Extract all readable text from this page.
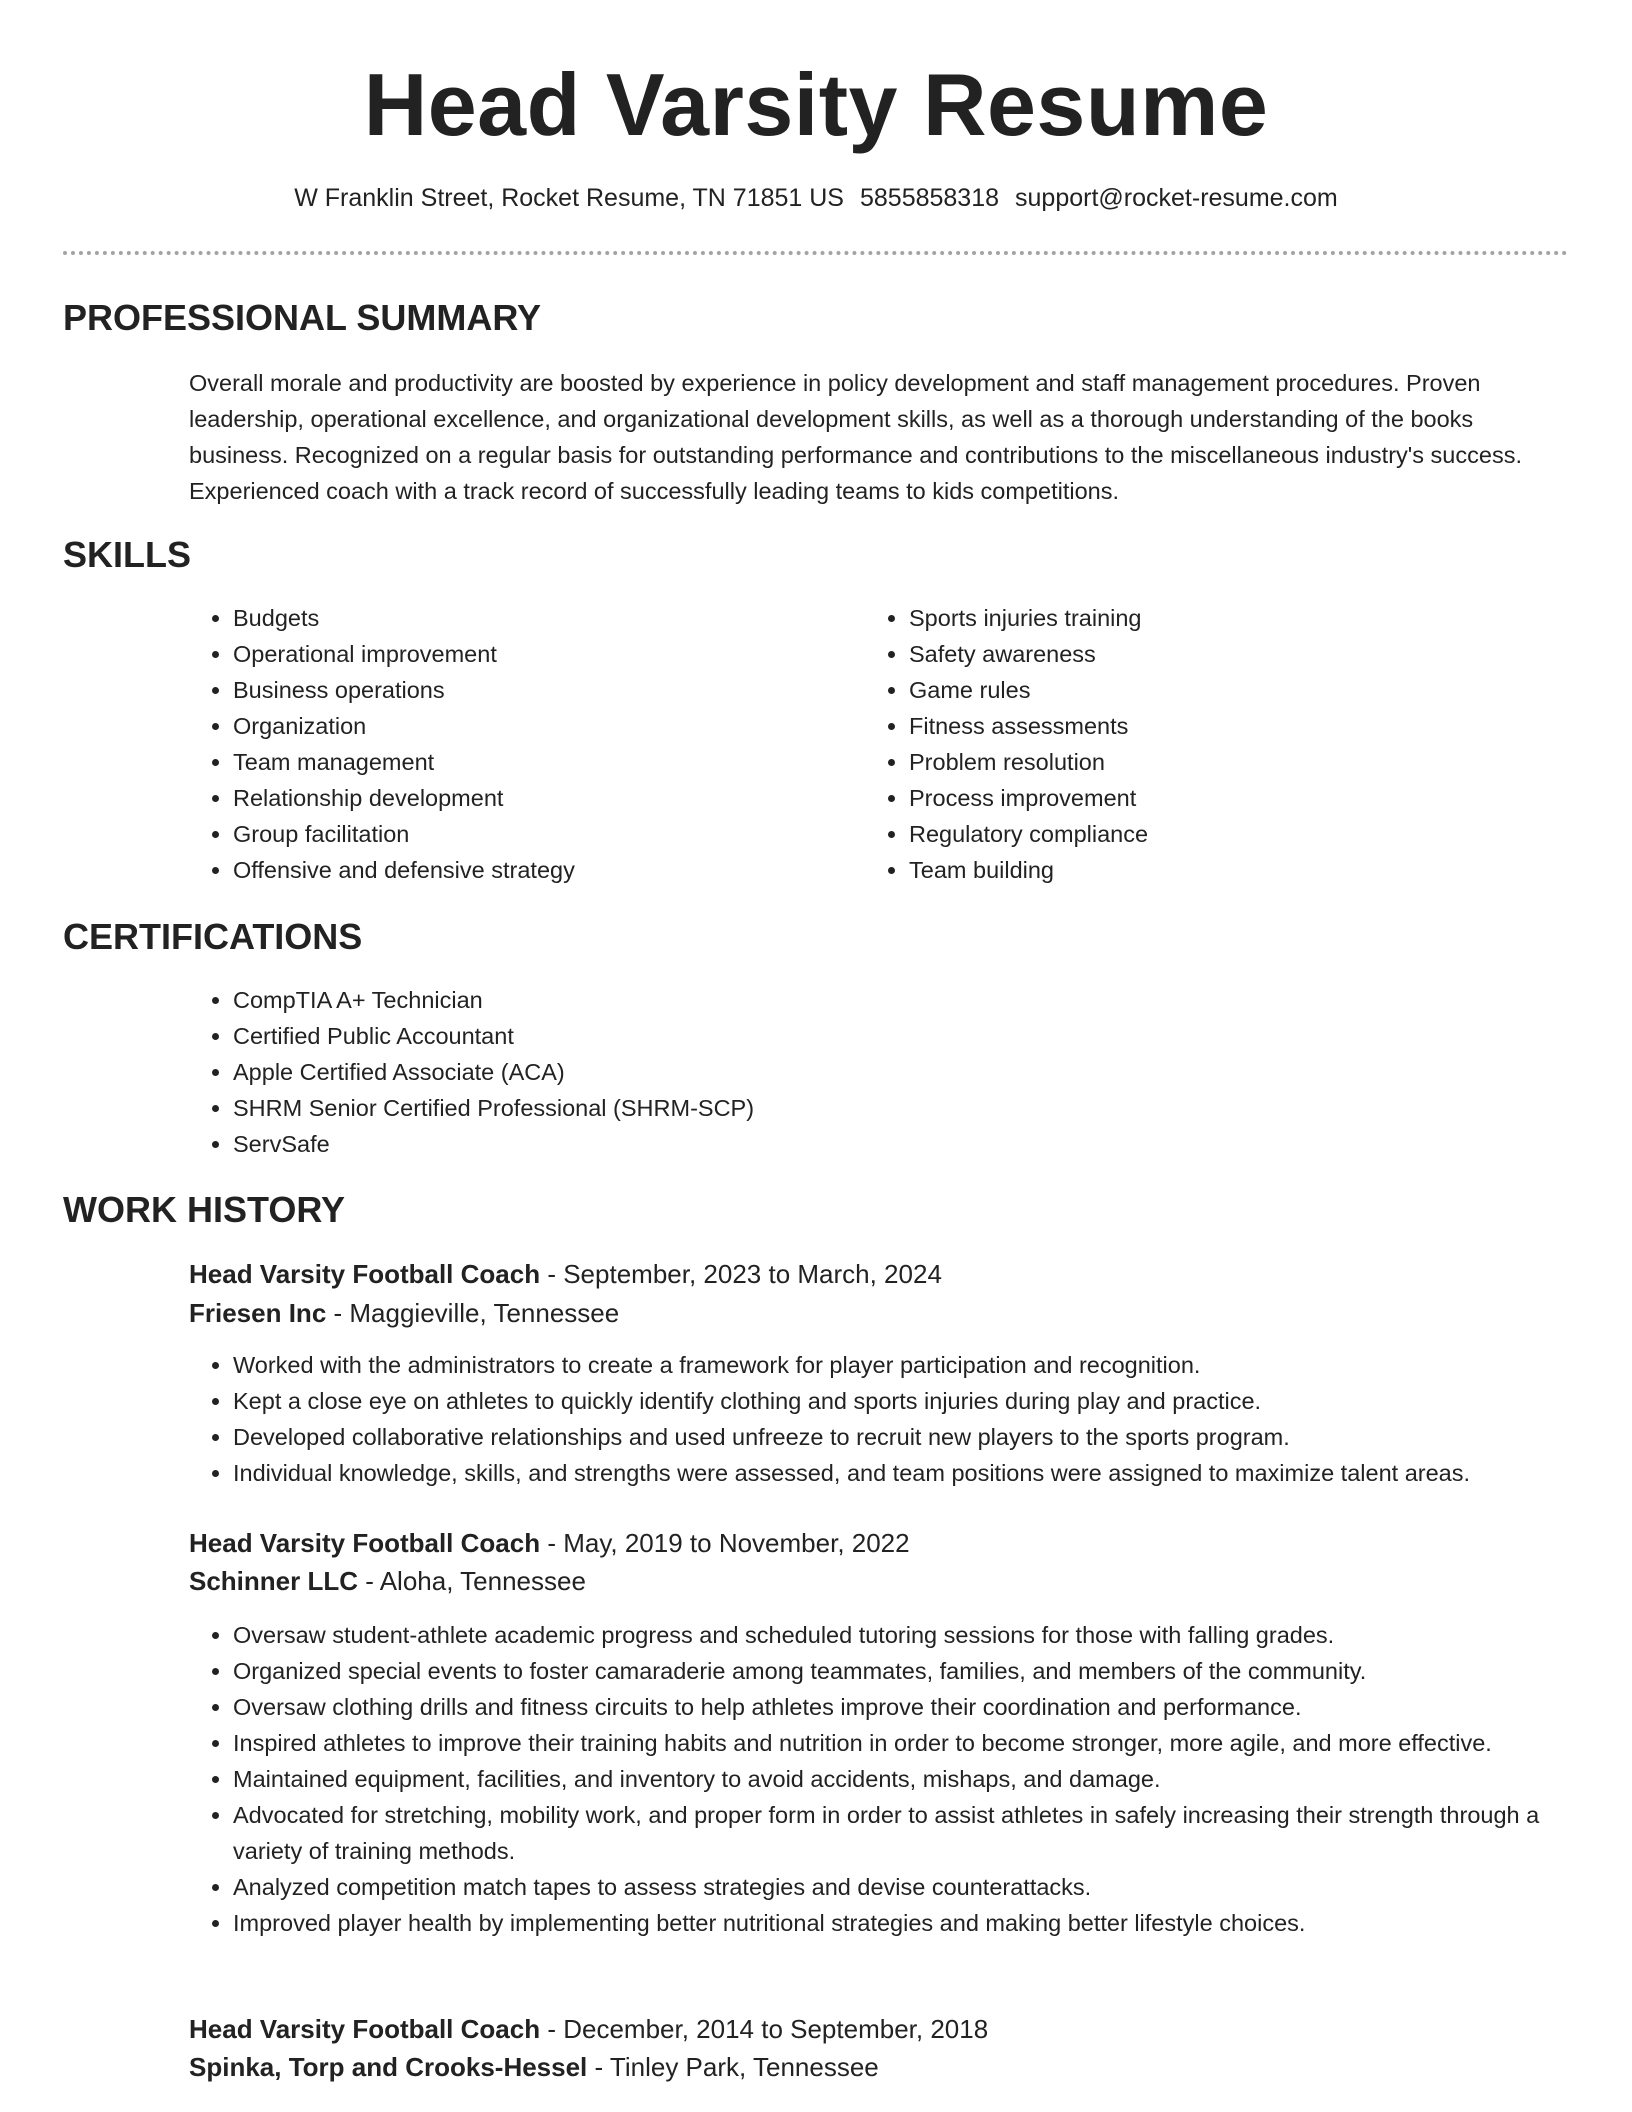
Head Varsity Resume
W Franklin Street, Rocket Resume, TN 71851 US 5855858318 support@rocket-resume.com
PROFESSIONAL SUMMARY

Overall morale and productivity are boosted by experience in policy development and staff management procedures. Proven leadership, operational excellence, and organizational development skills, as well as a thorough understanding of the books business. Recognized on a regular basis for outstanding performance and contributions to the miscellaneous industry's success. Experienced coach with a track record of successfully leading teams to kids competitions.

SKILLS
• Budgets
• Operational improvement
• Business operations
• Organization
• Team management
• Relationship development
• Group facilitation
• Offensive and defensive strategy
• Sports injuries training
• Safety awareness
• Game rules
• Fitness assessments
• Problem resolution
• Process improvement
• Regulatory compliance
• Team building
CERTIFICATIONS
• CompTIA A+ Technician
• Certified Public Accountant
• Apple Certified Associate (ACA)
• SHRM Senior Certified Professional (SHRM-SCP)
• ServSafe
WORK HISTORY

Head Varsity Football Coach - September, 2023 to March, 2024

Friesen Inc - Maggieville, Tennessee

• Worked with the administrators to create a framework for player participation and recognition.
• Kept a close eye on athletes to quickly identify clothing and sports injuries during play and practice.
• Developed collaborative relationships and used unfreeze to recruit new players to the sports program.
• Individual knowledge, skills, and strengths were assessed, and team positions were assigned to maximize talent areas.

Head Varsity Football Coach - May, 2019 to November, 2022

Schinner LLC - Aloha, Tennessee

• Oversaw student-athlete academic progress and scheduled tutoring sessions for those with falling grades.
• Organized special events to foster camaraderie among teammates, families, and members of the community.
• Oversaw clothing drills and fitness circuits to help athletes improve their coordination and performance.
• Inspired athletes to improve their training habits and nutrition in order to become stronger, more agile, and more effective.
• Maintained equipment, facilities, and inventory to avoid accidents, mishaps, and damage.
• Advocated for stretching, mobility work, and proper form in order to assist athletes in safely increasing their strength through a variety of training methods.
• Analyzed competition match tapes to assess strategies and devise counterattacks.
• Improved player health by implementing better nutritional strategies and making better lifestyle choices.

Head Varsity Football Coach - December, 2014 to September, 2018

Spinka, Torp and Crooks-Hessel - Tinley Park, Tennessee
